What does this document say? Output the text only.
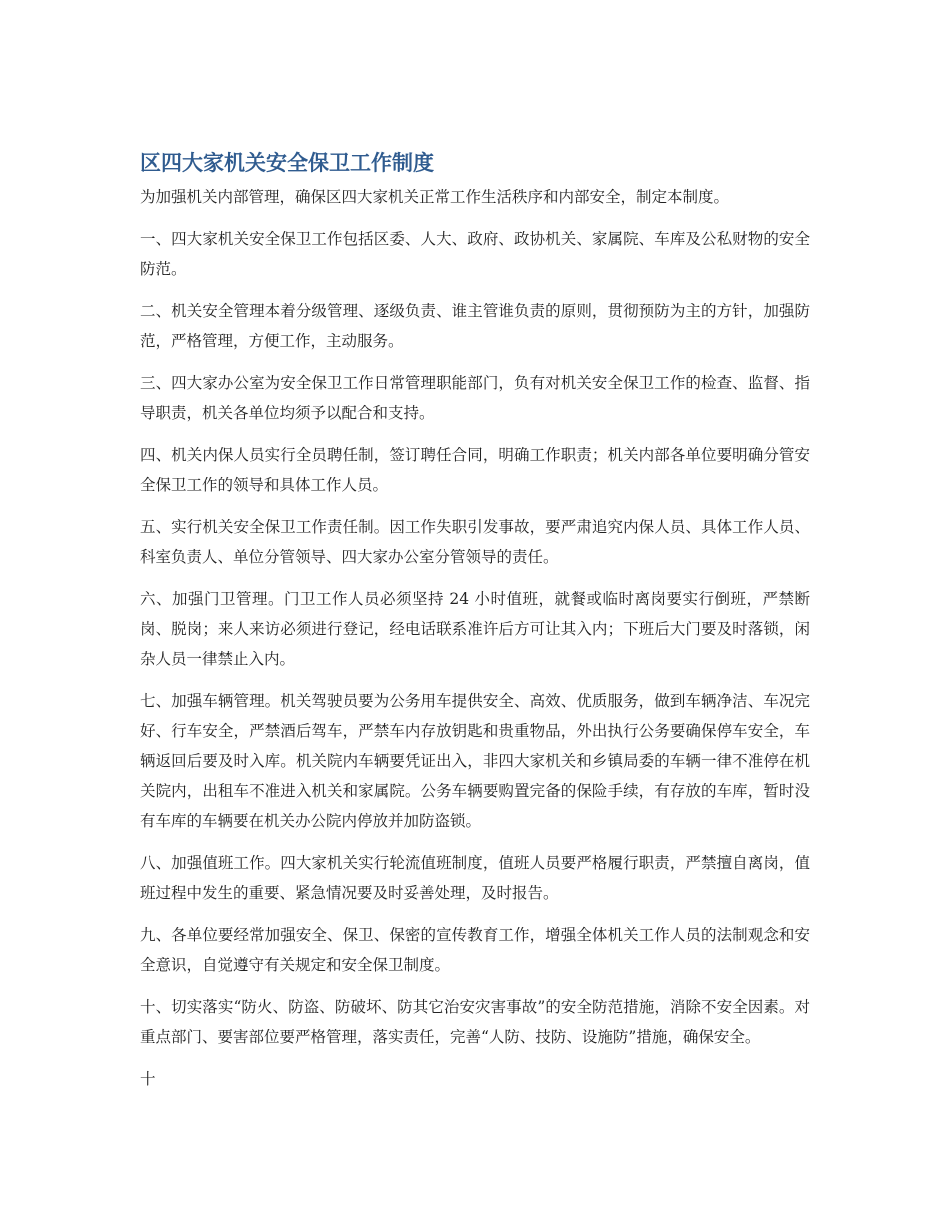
区四大家机关安全保卫工作制度

为加强机关内部管理，确保区四大家机关正常工作生活秩序和内部安全，制定本制度。

一、四大家机关安全保卫工作包括区委、人大、政府、政协机关、家属院、车库及公私财物的安全防范。

二、机关安全管理本着分级管理、逐级负责、谁主管谁负责的原则，贯彻预防为主的方针，加强防范，严格管理，方便工作，主动服务。

三、四大家办公室为安全保卫工作日常管理职能部门，负有对机关安全保卫工作的检查、监督、指导职责，机关各单位均须予以配合和支持。

四、机关内保人员实行全员聘任制，签订聘任合同，明确工作职责；机关内部各单位要明确分管安全保卫工作的领导和具体工作人员。

五、实行机关安全保卫工作责任制。因工作失职引发事故，要严肃追究内保人员、具体工作人员、科室负责人、单位分管领导、四大家办公室分管领导的责任。

六、加强门卫管理。门卫工作人员必须坚持 24 小时值班，就餐或临时离岗要实行倒班，严禁断岗、脱岗；来人来访必须进行登记，经电话联系准许后方可让其入内；下班后大门要及时落锁，闲杂人员一律禁止入内。

七、加强车辆管理。机关驾驶员要为公务用车提供安全、高效、优质服务，做到车辆净洁、车况完好、行车安全，严禁酒后驾车，严禁车内存放钥匙和贵重物品，外出执行公务要确保停车安全，车辆返回后要及时入库。机关院内车辆要凭证出入，非四大家机关和乡镇局委的车辆一律不准停在机关院内，出租车不准进入机关和家属院。公务车辆要购置完备的保险手续，有存放的车库，暂时没有车库的车辆要在机关办公院内停放并加防盗锁。

八、加强值班工作。四大家机关实行轮流值班制度，值班人员要严格履行职责，严禁擅自离岗，值班过程中发生的重要、紧急情况要及时妥善处理，及时报告。

九、各单位要经常加强安全、保卫、保密的宣传教育工作，增强全体机关工作人员的法制观念和安全意识，自觉遵守有关规定和安全保卫制度。

十、切实落实“防火、防盗、防破坏、防其它治安灾害事故”的安全防范措施，消除不安全因素。对重点部门、要害部位要严格管理，落实责任，完善“人防、技防、设施防”措施，确保安全。

十
